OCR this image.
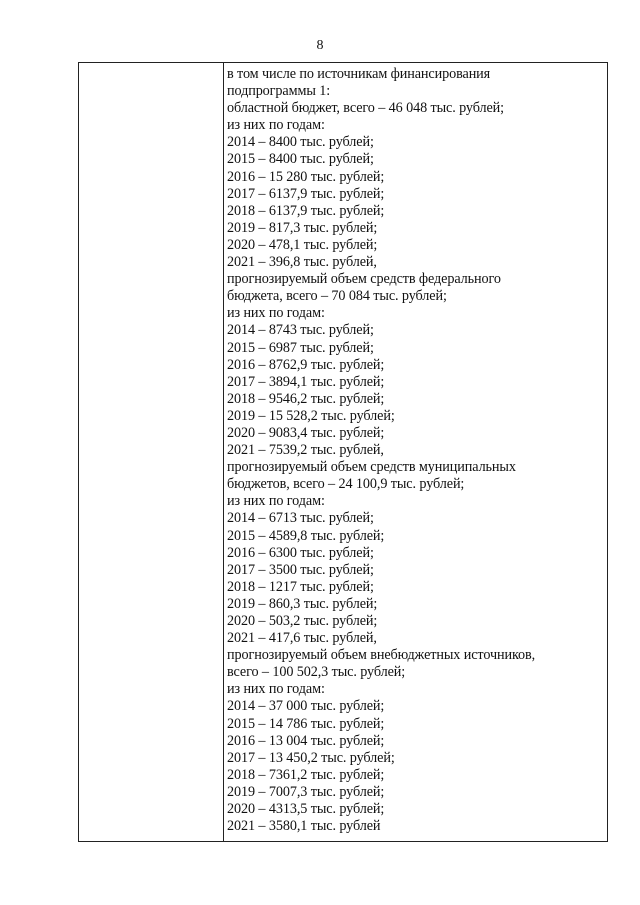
8
в том числе по источникам финансирования
подпрограммы 1:
областной бюджет, всего – 46 048 тыс. рублей;
из них по годам:
2014 – 8400 тыс. рублей;
2015 – 8400 тыс. рублей;
2016 – 15 280 тыс. рублей;
2017 – 6137,9 тыс. рублей;
2018 – 6137,9 тыс. рублей;
2019 – 817,3 тыс. рублей;
2020 – 478,1 тыс. рублей;
2021 – 396,8 тыс. рублей,
прогнозируемый объем средств федерального
бюджета, всего – 70 084 тыс. рублей;
из них по годам:
2014 – 8743 тыс. рублей;
2015 – 6987 тыс. рублей;
2016 – 8762,9 тыс. рублей;
2017 – 3894,1 тыс. рублей;
2018 – 9546,2 тыс. рублей;
2019 – 15 528,2 тыс. рублей;
2020 – 9083,4 тыс. рублей;
2021 – 7539,2 тыс. рублей,
прогнозируемый объем средств муниципальных
бюджетов, всего – 24 100,9 тыс. рублей;
из них по годам:
2014 – 6713 тыс. рублей;
2015 – 4589,8 тыс. рублей;
2016 – 6300 тыс. рублей;
2017 – 3500 тыс. рублей;
2018 – 1217 тыс. рублей;
2019 – 860,3 тыс. рублей;
2020 – 503,2 тыс. рублей;
2021 – 417,6 тыс. рублей,
прогнозируемый объем внебюджетных источников,
всего – 100 502,3 тыс. рублей;
из них по годам:
2014 – 37 000 тыс. рублей;
2015 – 14 786 тыс. рублей;
2016 – 13 004 тыс. рублей;
2017 – 13 450,2 тыс. рублей;
2018 – 7361,2 тыс. рублей;
2019 – 7007,3 тыс. рублей;
2020 – 4313,5 тыс. рублей;
2021 – 3580,1 тыс. рублей
